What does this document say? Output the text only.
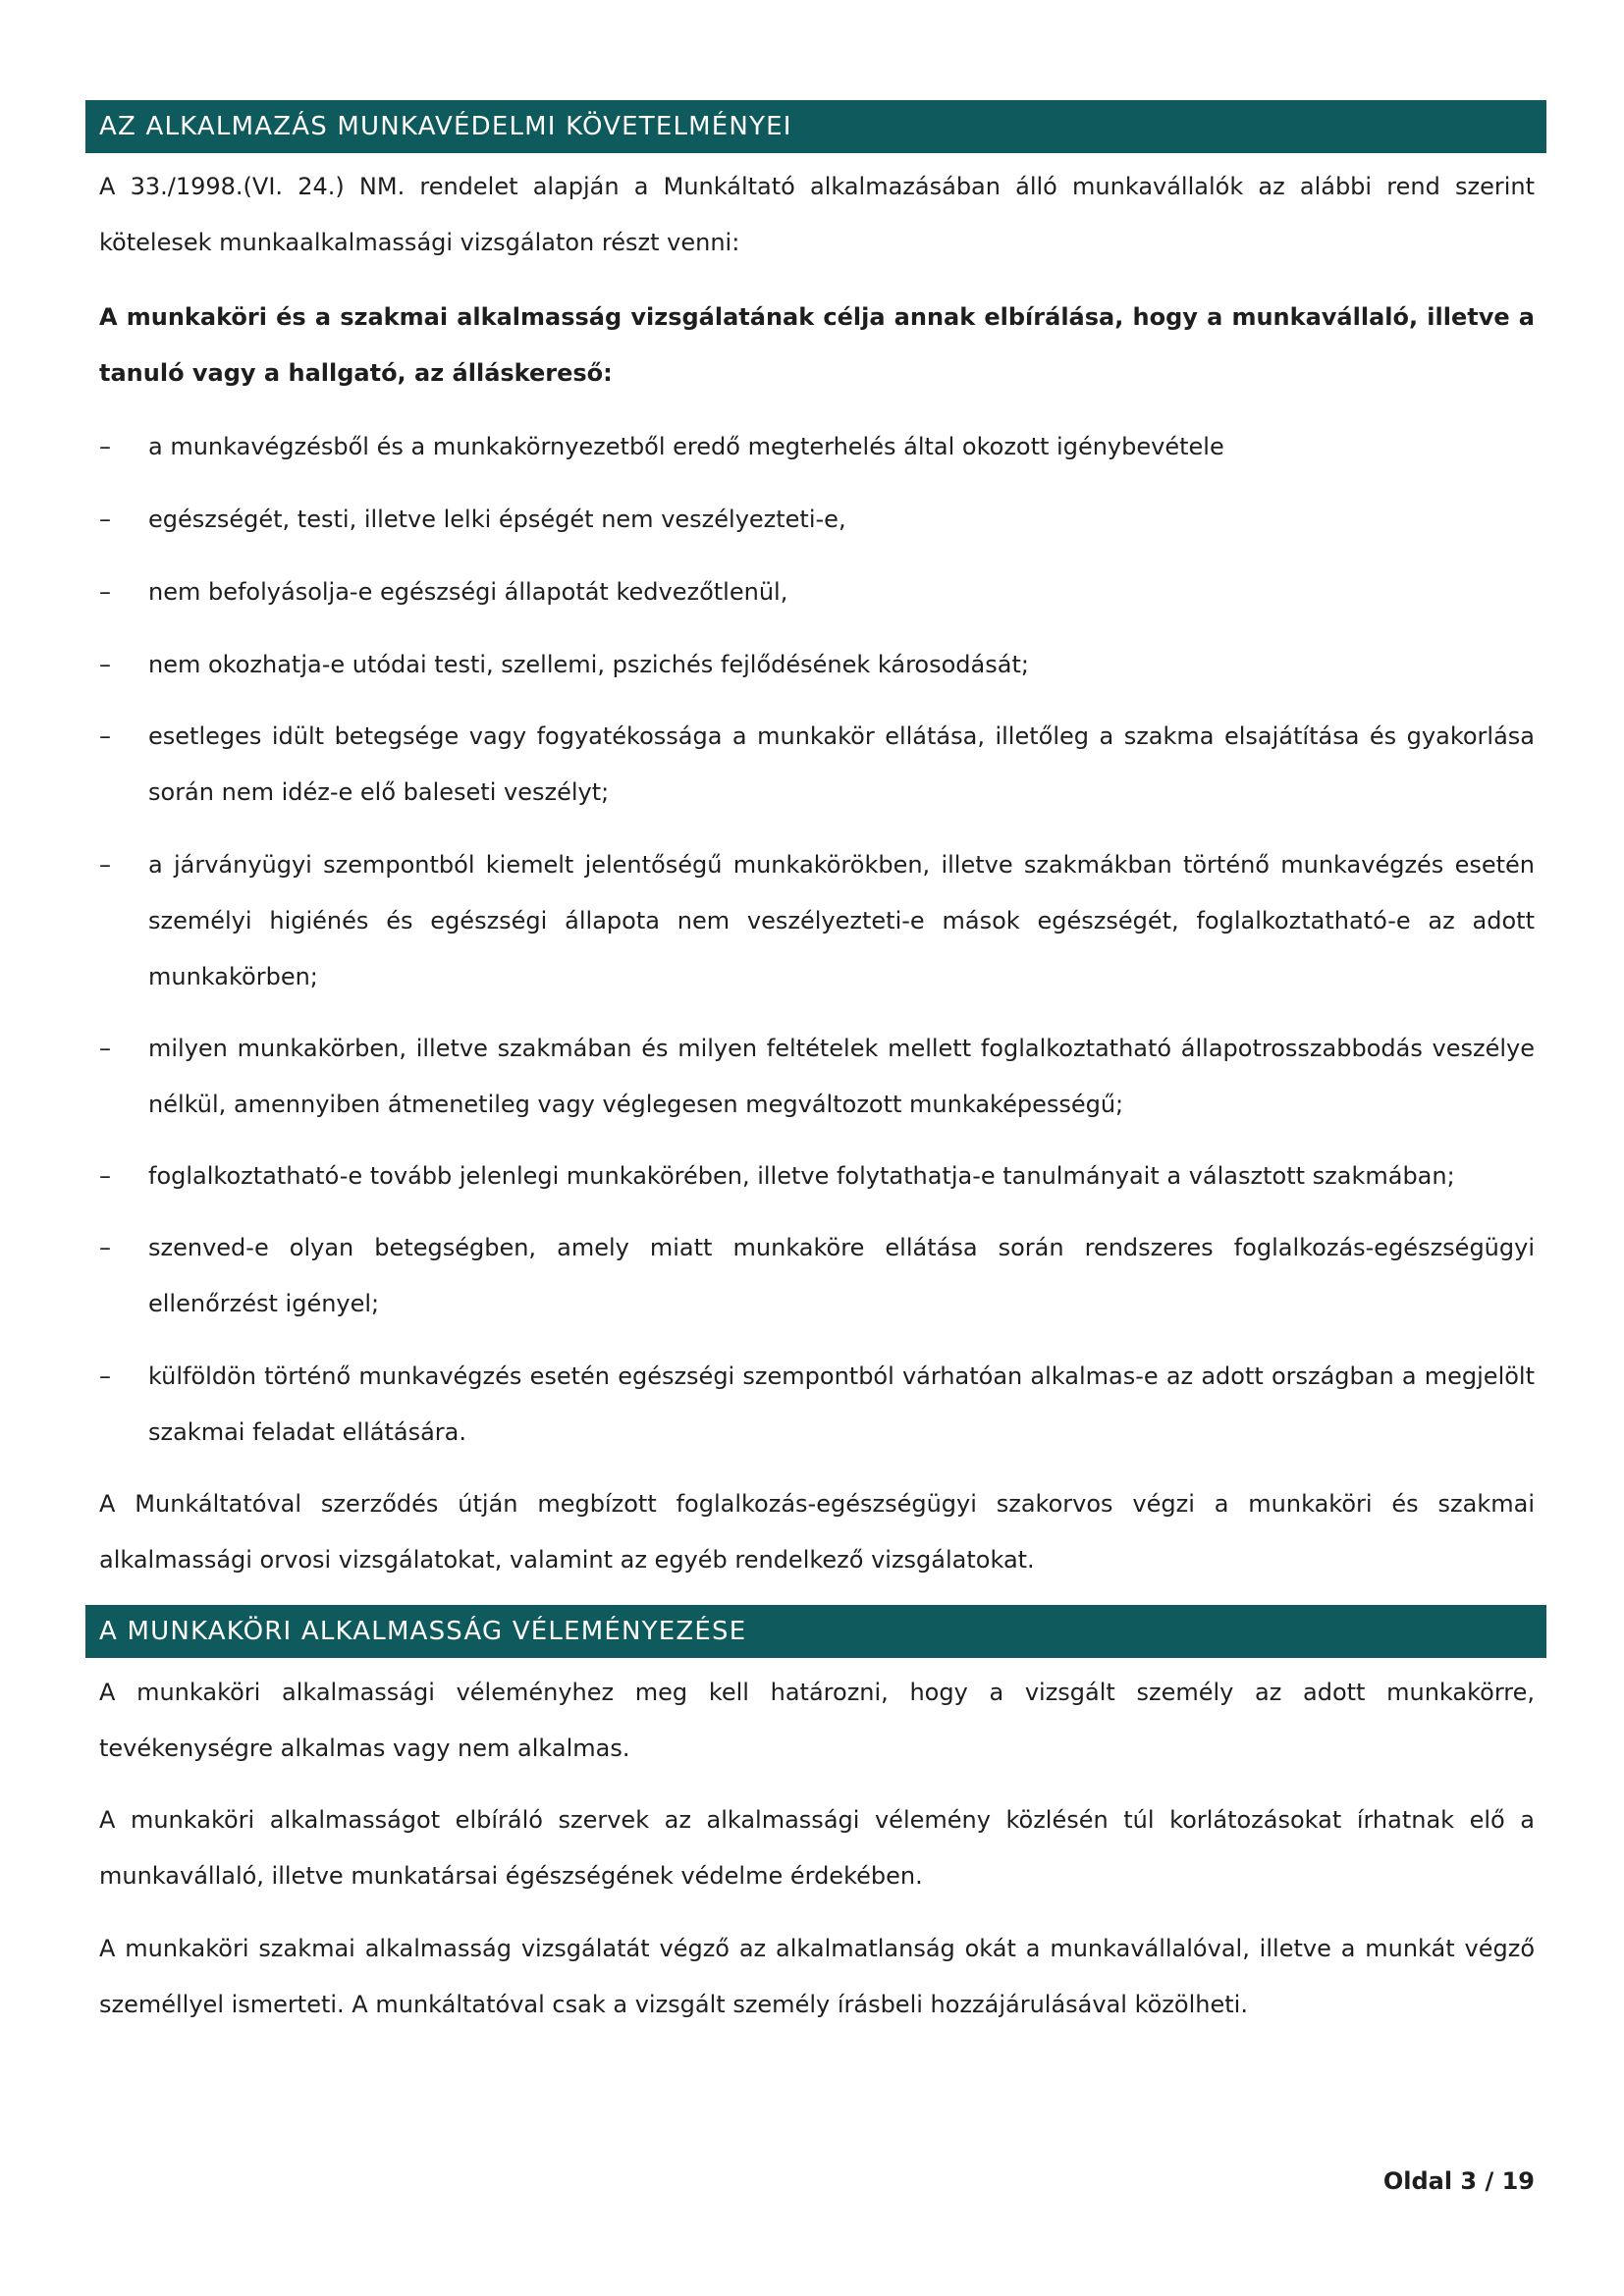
AZ ALKALMAZÁS MUNKAVÉDELMI KÖVETELMÉNYEI

A 33./1998.(VI. 24.) NM. rendelet alapján a Munkáltató alkalmazásában álló munkavállalók az alábbi rend szerint kötelesek munkaalkalmassági vizsgálaton részt venni:

A munkaköri és a szakmai alkalmasság vizsgálatának célja annak elbírálása, hogy a munkavállaló, illetve a tanuló vagy a hallgató, az álláskereső:

–	a munkavégzésből és a munkakörnyezetből eredő megterhelés által okozott igénybevétele
–	egészségét, testi, illetve lelki épségét nem veszélyezteti-e,
–	nem befolyásolja-e egészségi állapotát kedvezőtlenül,
–	nem okozhatja-e utódai testi, szellemi, pszichés fejlődésének károsodását;
–	esetleges idült betegsége vagy fogyatékossága a munkakör ellátása, illetőleg a szakma elsajátítása és gyakorlása során nem idéz-e elő baleseti veszélyt;
–	a járványügyi szempontból kiemelt jelentőségű munkakörökben, illetve szakmákban történő munkavégzés esetén személyi higiénés és egészségi állapota nem veszélyezteti-e mások egészségét, foglalkoztatható-e az adott munkakörben;
–	milyen munkakörben, illetve szakmában és milyen feltételek mellett foglalkoztatható állapotrosszabbodás veszélye nélkül, amennyiben átmenetileg vagy véglegesen megváltozott munkaképességű;
–	foglalkoztatható-e tovább jelenlegi munkakörében, illetve folytathatja-e tanulmányait a választott szakmában;
–	szenved-e olyan betegségben, amely miatt munkaköre ellátása során rendszeres foglalkozás-egészségügyi ellenőrzést igényel;
–	külföldön történő munkavégzés esetén egészségi szempontból várhatóan alkalmas-e az adott országban a megjelölt szakmai feladat ellátására.

A Munkáltatóval szerződés útján megbízott foglalkozás-egészségügyi szakorvos végzi a munkaköri és szakmai alkalmassági orvosi vizsgálatokat, valamint az egyéb rendelkező vizsgálatokat.

A MUNKAKÖRI ALKALMASSÁG VÉLEMÉNYEZÉSE

A munkaköri alkalmassági véleményhez meg kell határozni, hogy a vizsgált személy az adott munkakörre, tevékenységre alkalmas vagy nem alkalmas.

A munkaköri alkalmasságot elbíráló szervek az alkalmassági vélemény közlésén túl korlátozásokat írhatnak elő a munkavállaló, illetve munkatársai égészségének védelme érdekében.

A munkaköri szakmai alkalmasság vizsgálatát végző az alkalmatlanság okát a munkavállalóval, illetve a munkát végző személlyel ismerteti. A munkáltatóval csak a vizsgált személy írásbeli hozzájárulásával közölheti.

Oldal 3 / 19
